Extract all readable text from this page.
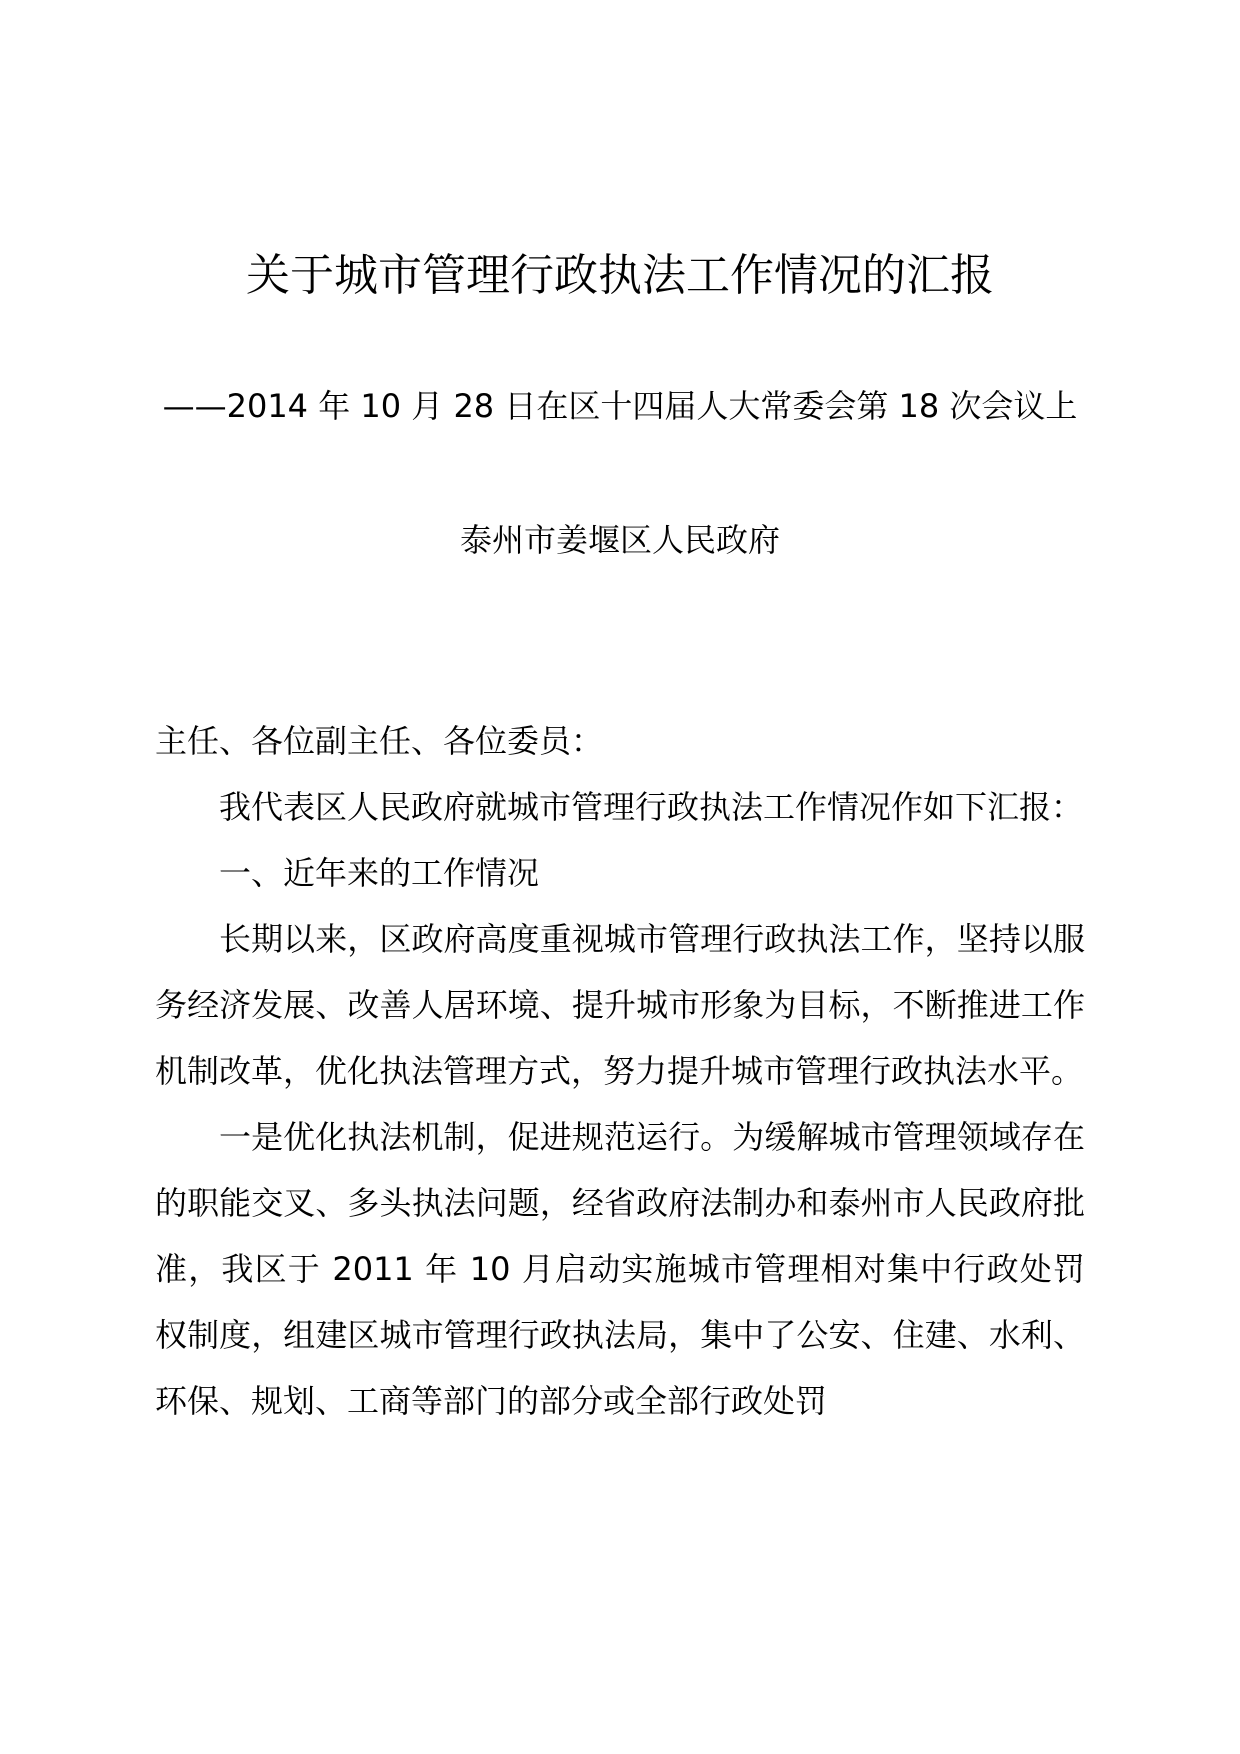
关于城市管理行政执法工作情况的汇报
——2014 年 10 月 28 日在区十四届人大常委会第 18 次会议上
泰州市姜堰区人民政府

主任、各位副主任、各位委员：

我代表区人民政府就城市管理行政执法工作情况作如下汇报：

一、近年来的工作情况

长期以来，区政府高度重视城市管理行政执法工作，坚持以服务经济发展、改善人居环境、提升城市形象为目标，不断推进工作机制改革，优化执法管理方式，努力提升城市管理行政执法水平。

一是优化执法机制，促进规范运行。为缓解城市管理领域存在的职能交叉、多头执法问题，经省政府法制办和泰州市人民政府批准，我区于 2011 年 10 月启动实施城市管理相对集中行政处罚权制度，组建区城市管理行政执法局，集中了公安、住建、水利、环保、规划、工商等部门的部分或全部行政处罚
